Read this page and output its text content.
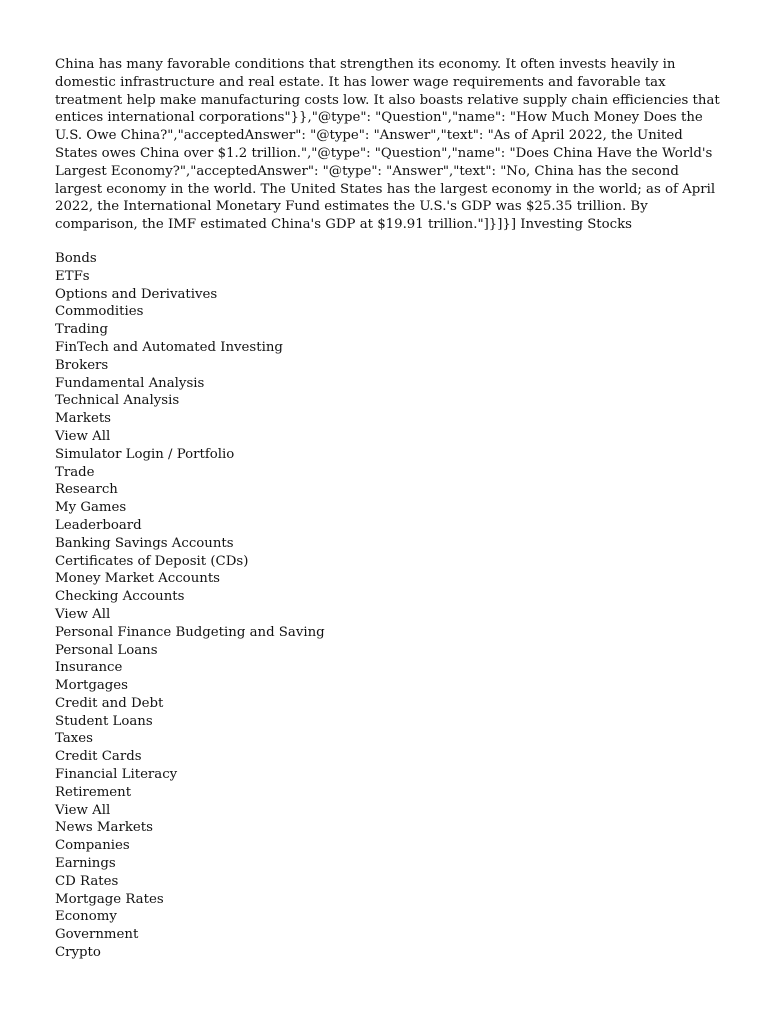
China has many favorable conditions that strengthen its economy. It often invests heavily in domestic infrastructure and real estate. It has lower wage requirements and favorable tax treatment help make manufacturing costs low. It also boasts relative supply chain efficiencies that entices international corporations"}},"@type": "Question","name": "How Much Money Does the U.S. Owe China?","acceptedAnswer": "@type": "Answer","text": "As of April 2022, the United States owes China over $1.2 trillion.","@type": "Question","name": "Does China Have the World's Largest Economy?","acceptedAnswer": "@type": "Answer","text": "No, China has the second largest economy in the world. The United States has the largest economy in the world; as of April 2022, the International Monetary Fund estimates the U.S.'s GDP was $25.35 trillion. By comparison, the IMF estimated China's GDP at $19.91 trillion."]}]}] Investing Stocks

Bonds
ETFs
Options and Derivatives
Commodities
Trading
FinTech and Automated Investing
Brokers
Fundamental Analysis
Technical Analysis
Markets
View All
Simulator Login / Portfolio
Trade
Research
My Games
Leaderboard
Banking Savings Accounts
Certificates of Deposit (CDs)
Money Market Accounts
Checking Accounts
View All
Personal Finance Budgeting and Saving
Personal Loans
Insurance
Mortgages
Credit and Debt
Student Loans
Taxes
Credit Cards
Financial Literacy
Retirement
View All
News Markets
Companies
Earnings
CD Rates
Mortgage Rates
Economy
Government
Crypto
